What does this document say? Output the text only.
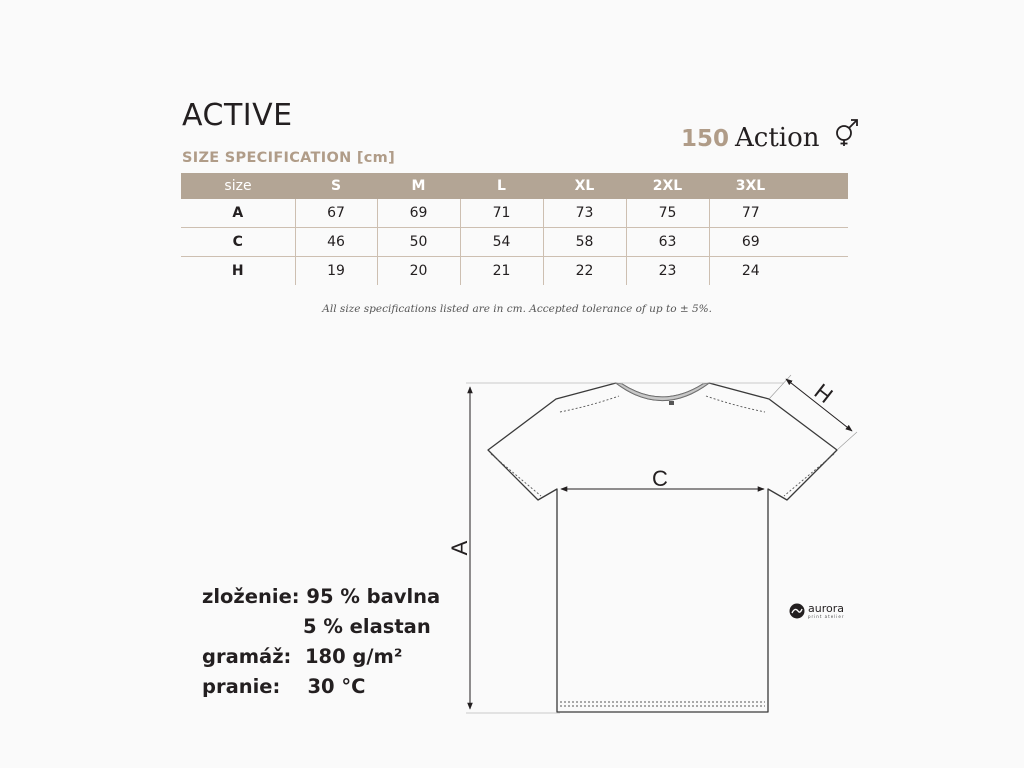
ACTIVE
SIZE SPECIFICATION [cm]
150 Action
size	S	M	L	XL	2XL	3XL	
A	67	69	71	73	75	77	
C	46	50	54	58	63	69	
H	19	20	21	22	23	24	
All size specifications listed are in cm. Accepted tolerance of up to ± 5%.
A
C
H
zloženie:
95 % bavlna
5 % elastan
gramáž:
180 g/m²
pranie:
30 °C
aurora
print atelier
